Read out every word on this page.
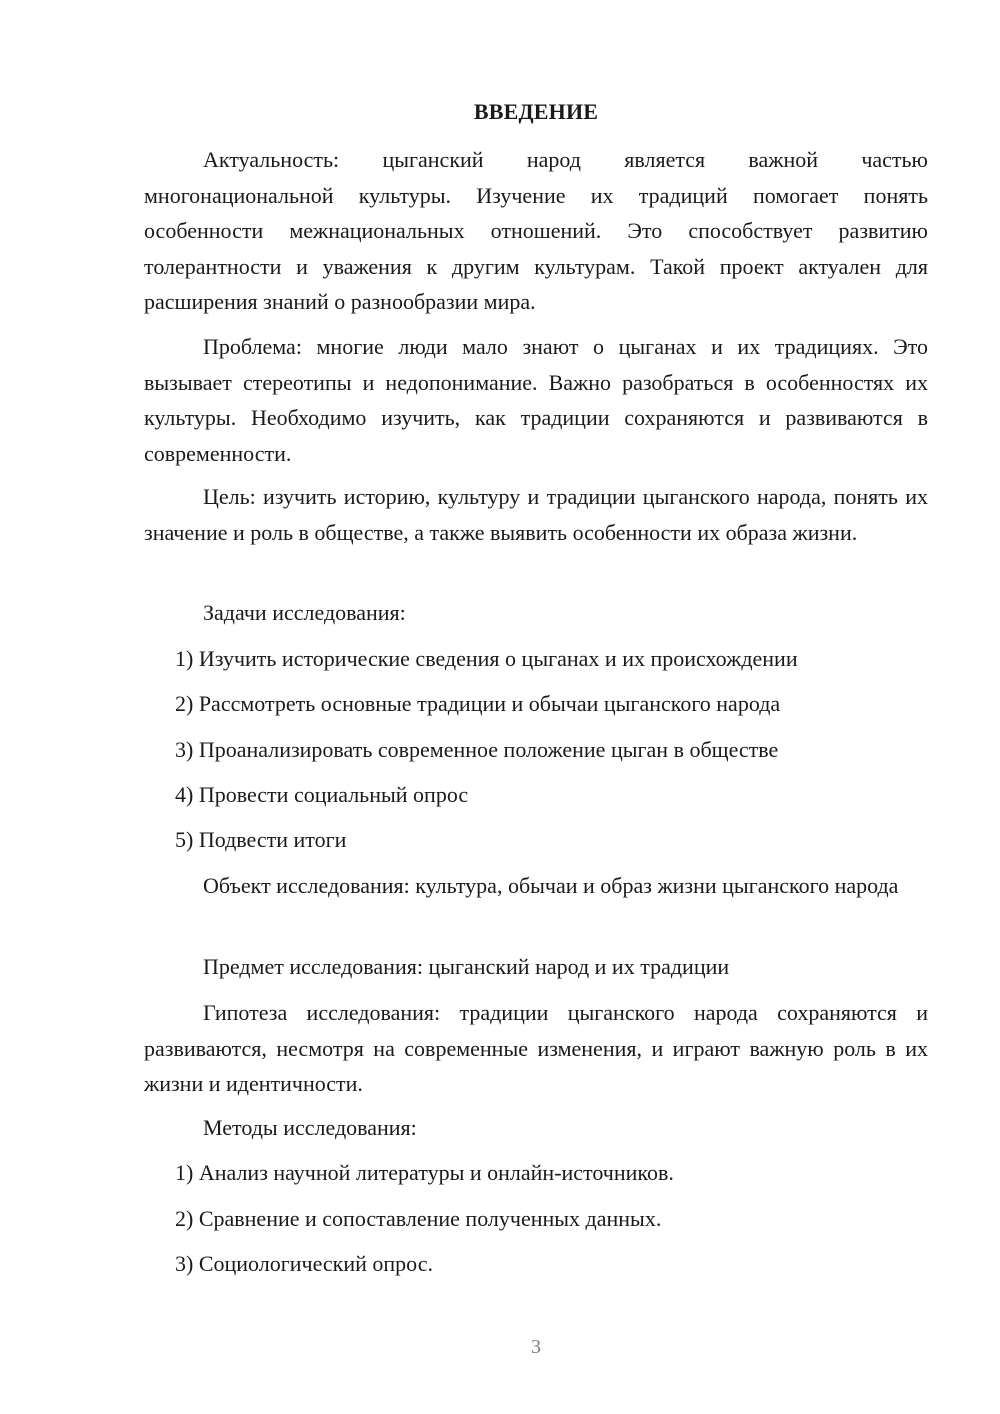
ВВЕДЕНИЕ

Актуальность: цыганский народ является важной частью многонациональной культуры. Изучение их традиций помогает понять особенности межнациональных отношений. Это способствует развитию толерантности и уважения к другим культурам. Такой проект актуален для расширения знаний о разнообразии мира.

Проблема: многие люди мало знают о цыганах и их традициях. Это вызывает стереотипы и недопонимание. Важно разобраться в особенностях их культуры. Необходимо изучить, как традиции сохраняются и развиваются в современности.

Цель: изучить историю, культуру и традиции цыганского народа, понять их значение и роль в обществе, а также выявить особенности их образа жизни.

Задачи исследования:

1) Изучить исторические сведения о цыганах и их происхождении

2) Рассмотреть основные традиции и обычаи цыганского народа

3) Проанализировать современное положение цыган в обществе

4) Провести социальный опрос

5) Подвести итоги

Объект исследования: культура, обычаи и образ жизни цыганского народа

Предмет исследования: цыганский народ и их традиции

Гипотеза исследования: традиции цыганского народа сохраняются и развиваются, несмотря на современные изменения, и играют важную роль в их жизни и идентичности.

Методы исследования:

1) Анализ научной литературы и онлайн-источников.

2) Сравнение и сопоставление полученных данных.

3) Социологический опрос.

3
